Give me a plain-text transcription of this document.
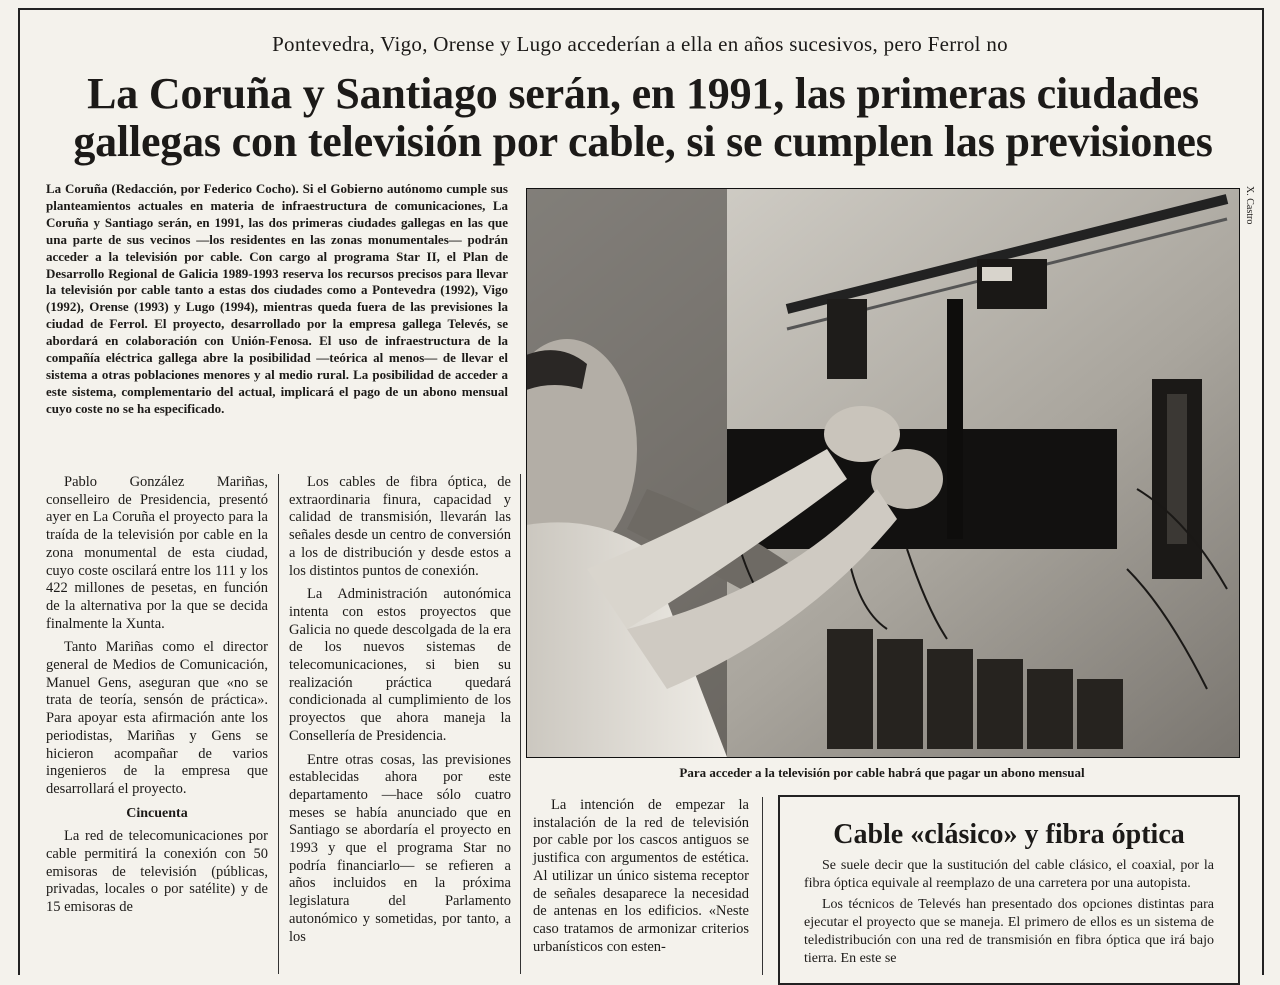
Pontevedra, Vigo, Orense y Lugo accederían a ella en años sucesivos, pero Ferrol no
La Coruña y Santiago serán, en 1991, las primeras ciudades
gallegas con televisión por cable, si se cumplen las previsiones
La Coruña (Redacción, por Federico Cocho). Si el Gobierno autónomo cumple sus planteamientos actuales en materia de infraestructura de comunicaciones, La Coruña y Santiago serán, en 1991, las dos primeras ciudades gallegas en las que una parte de sus vecinos —los residentes en las zonas monumentales— podrán acceder a la televisión por cable. Con cargo al programa Star II, el Plan de Desarrollo Regional de Galicia 1989-1993 reserva los recursos precisos para llevar la televisión por cable tanto a estas dos ciudades como a Pontevedra (1992), Vigo (1992), Orense (1993) y Lugo (1994), mientras queda fuera de las previsiones la ciudad de Ferrol. El proyecto, desarrollado por la empresa gallega Televés, se abordará en colaboración con Unión-Fenosa. El uso de infraestructura de la compañía eléctrica gallega abre la posibilidad —teórica al menos— de llevar el sistema a otras poblaciones menores y al medio rural. La posibilidad de acceder a este sistema, complementario del actual, implicará el pago de un abono mensual cuyo coste no se ha especificado.

Pablo González Mariñas, conselleiro de Presidencia, presentó ayer en La Coruña el proyecto para la traída de la televisión por cable en la zona monumental de esta ciudad, cuyo coste oscilará entre los 111 y los 422 millones de pesetas, en función de la alternativa por la que se decida finalmente la Xunta.

Tanto Mariñas como el director general de Medios de Comunicación, Manuel Gens, aseguran que «no se trata de teoría, sensón de práctica». Para apoyar esta afirmación ante los periodistas, Mariñas y Gens se hicieron acompañar de varios ingenieros de la empresa que desarrollará el proyecto.

Cincuenta

La red de telecomunicaciones por cable permitirá la conexión con 50 emisoras de televisión (públicas, privadas, locales o por satélite) y de 15 emisoras de

Los cables de fibra óptica, de extraordinaria finura, capacidad y calidad de transmisión, llevarán las señales desde un centro de conversión a los de distribución y desde estos a los distintos puntos de conexión.

La Administración autonómica intenta con estos proyectos que Galicia no quede descolgada de la era de los nuevos sistemas de telecomunicaciones, si bien su realización práctica quedará condicionada al cumplimiento de los proyectos que ahora maneja la Consellería de Presidencia.

Entre otras cosas, las previsiones establecidas ahora por este departamento —hace sólo cuatro meses se había anunciado que en Santiago se abordaría el proyecto en 1993 y que el programa Star no podría financiarlo— se refieren a años incluidos en la próxima legislatura del Parlamento autonómico y sometidas, por tanto, a los

X. Castro
Para acceder a la televisión por cable habrá que pagar un abono mensual

La intención de empezar la instalación de la red de televisión por cable por los cascos antiguos se justifica con argumentos de estética. Al utilizar un único sistema receptor de señales desaparece la necesidad de antenas en los edificios. «Neste caso tratamos de armonizar criterios urbanísticos con esten-

Cable «clásico» y fibra óptica

Se suele decir que la sustitución del cable clásico, el coaxial, por la fibra óptica equivale al reemplazo de una carretera por una autopista.

Los técnicos de Televés han presentado dos opciones distintas para ejecutar el proyecto que se maneja. El primero de ellos es un sistema de teledistribución con una red de transmisión en fibra óptica que irá bajo tierra. En este se
